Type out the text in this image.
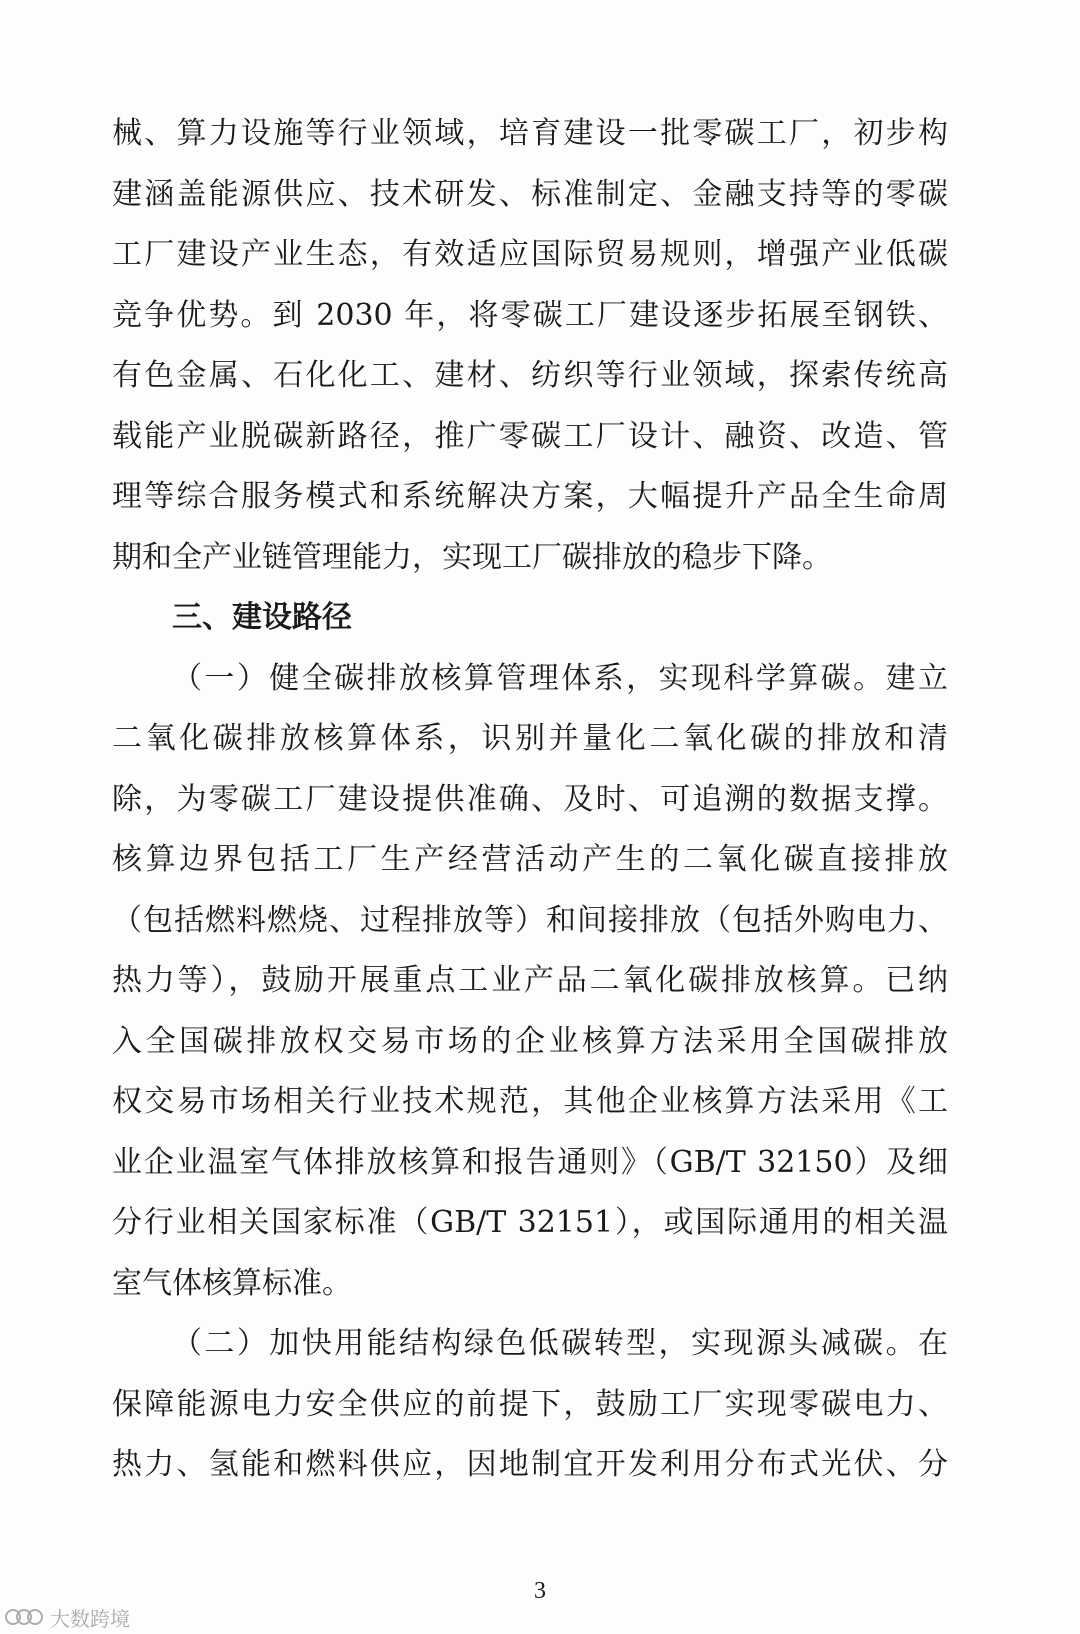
械、算力设施等行业领域，培育建设一批零碳工厂，初步构
建涵盖能源供应、技术研发、标准制定、金融支持等的零碳
工厂建设产业生态，有效适应国际贸易规则，增强产业低碳
竞争优势。到 2030 年，将零碳工厂建设逐步拓展至钢铁、
有色金属、石化化工、建材、纺织等行业领域，探索传统高
载能产业脱碳新路径，推广零碳工厂设计、融资、改造、管
理等综合服务模式和系统解决方案，大幅提升产品全生命周
期和全产业链管理能力，实现工厂碳排放的稳步下降。
三、建设路径
（一）健全碳排放核算管理体系，实现科学算碳。建立
二氧化碳排放核算体系，识别并量化二氧化碳的排放和清
除，为零碳工厂建设提供准确、及时、可追溯的数据支撑。
核算边界包括工厂生产经营活动产生的二氧化碳直接排放
（包括燃料燃烧、过程排放等）和间接排放（包括外购电力、
热力等），鼓励开展重点工业产品二氧化碳排放核算。已纳
入全国碳排放权交易市场的企业核算方法采用全国碳排放
权交易市场相关行业技术规范，其他企业核算方法采用《工
业企业温室气体排放核算和报告通则》（GB/T 32150）及细
分行业相关国家标准（GB/T 32151），或国际通用的相关温
室气体核算标准。
（二）加快用能结构绿色低碳转型，实现源头减碳。在
保障能源电力安全供应的前提下，鼓励工厂实现零碳电力、
热力、氢能和燃料供应，因地制宜开发利用分布式光伏、分
3
大数跨境
